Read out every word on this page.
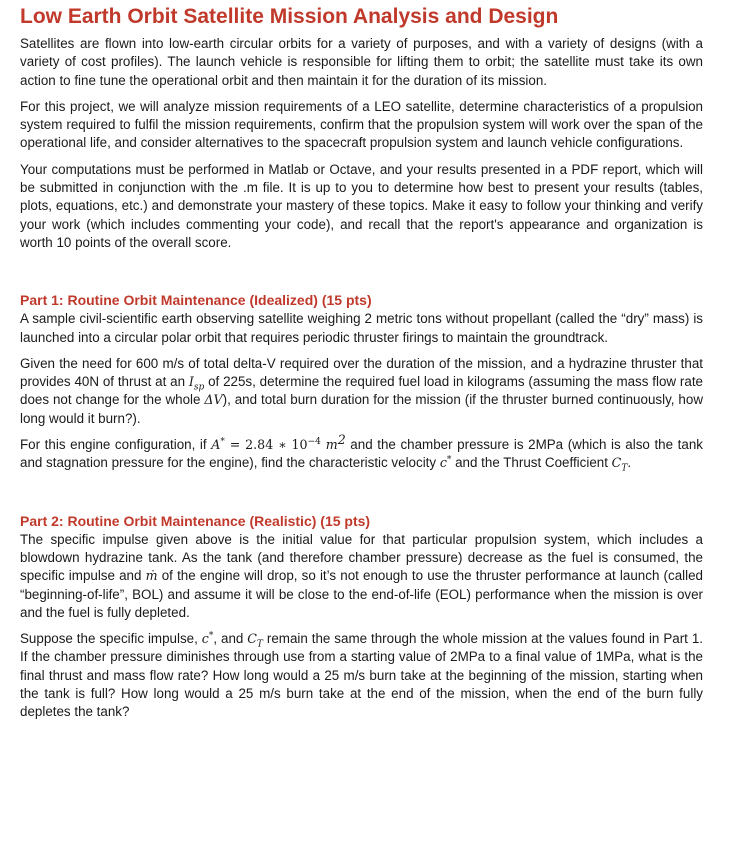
Low Earth Orbit Satellite Mission Analysis and Design

Satellites are flown into low-earth circular orbits for a variety of purposes, and with a variety of designs (with a variety of cost profiles). The launch vehicle is responsible for lifting them to orbit; the satellite must take its own action to fine tune the operational orbit and then maintain it for the duration of its mission.

For this project, we will analyze mission requirements of a LEO satellite, determine characteristics of a propulsion system required to fulfil the mission requirements, confirm that the propulsion system will work over the span of the operational life, and consider alternatives to the spacecraft propulsion system and launch vehicle configurations.

Your computations must be performed in Matlab or Octave, and your results presented in a PDF report, which will be submitted in conjunction with the .m file. It is up to you to determine how best to present your results (tables, plots, equations, etc.) and demonstrate your mastery of these topics. Make it easy to follow your thinking and verify your work (which includes commenting your code), and recall that the report's appearance and organization is worth 10 points of the overall score.

Part 1: Routine Orbit Maintenance (Idealized) (15 pts)

A sample civil-scientific earth observing satellite weighing 2 metric tons without propellant (called the “dry” mass) is launched into a circular polar orbit that requires periodic thruster firings to maintain the groundtrack.

Given the need for 600 m/s of total delta-V required over the duration of the mission, and a hydrazine thruster that provides 40N of thrust at an $I_{sp}$ of 225s, determine the required fuel load in kilograms (assuming the mass flow rate does not change for the whole ΔV), and total burn duration for the mission (if the thruster burned continuously, how long would it burn?).

For this engine configuration, if A* = 2.84 ∗ $10^{-4}$ $m^2$ and the chamber pressure is 2MPa (which is also the tank and stagnation pressure for the engine), find the characteristic velocity c* and the Thrust Coefficient $C_T$.

Part 2: Routine Orbit Maintenance (Realistic) (15 pts)

The specific impulse given above is the initial value for that particular propulsion system, which includes a blowdown hydrazine tank. As the tank (and therefore chamber pressure) decrease as the fuel is consumed, the specific impulse and ṁ of the engine will drop, so it’s not enough to use the thruster performance at launch (called “beginning-of-life”, BOL) and assume it will be close to the end-of-life (EOL) performance when the mission is over and the fuel is fully depleted.

Suppose the specific impulse, c*, and $C_T$ remain the same through the whole mission at the values found in Part 1. If the chamber pressure diminishes through use from a starting value of 2MPa to a final value of 1MPa, what is the final thrust and mass flow rate? How long would a 25 m/s burn take at the beginning of the mission, starting when the tank is full? How long would a 25 m/s burn take at the end of the mission, when the end of the burn fully depletes the tank?
